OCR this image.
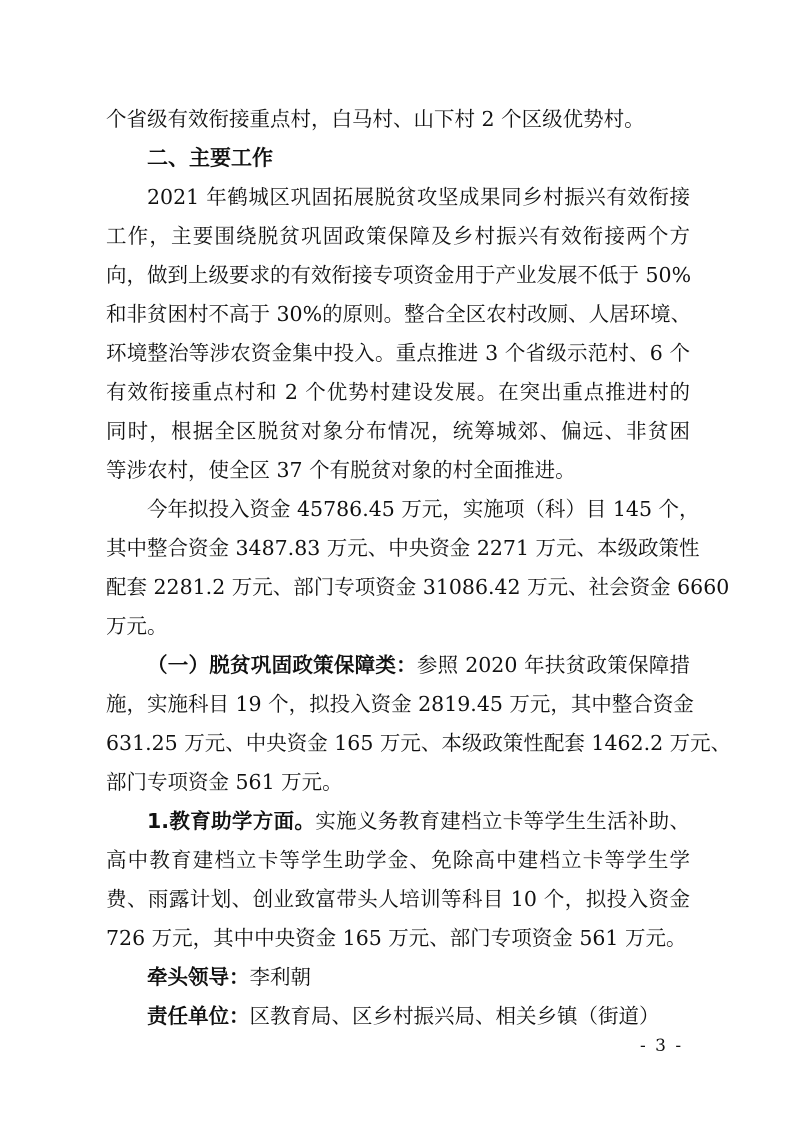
个省级有效衔接重点村，白马村、山下村 2 个区级优势村。
二、主要工作
2021 年鹤城区巩固拓展脱贫攻坚成果同乡村振兴有效衔接
工作，主要围绕脱贫巩固政策保障及乡村振兴有效衔接两个方
向，做到上级要求的有效衔接专项资金用于产业发展不低于 50%
和非贫困村不高于 30%的原则。整合全区农村改厕、人居环境、
环境整治等涉农资金集中投入。重点推进 3 个省级示范村、6 个
有效衔接重点村和 2 个优势村建设发展。在突出重点推进村的
同时，根据全区脱贫对象分布情况，统筹城郊、偏远、非贫困
等涉农村，使全区 37 个有脱贫对象的村全面推进。
今年拟投入资金 45786.45 万元，实施项（科）目 145 个，
其中整合资金 3487.83 万元、中央资金 2271 万元、本级政策性
配套 2281.2 万元、部门专项资金 31086.42 万元、社会资金 6660
万元。
（一）脱贫巩固政策保障类：参照 2020 年扶贫政策保障措
施，实施科目 19 个，拟投入资金 2819.45 万元，其中整合资金
631.25 万元、中央资金 165 万元、本级政策性配套 1462.2 万元、
部门专项资金 561 万元。
1.教育助学方面。实施义务教育建档立卡等学生生活补助、
高中教育建档立卡等学生助学金、免除高中建档立卡等学生学
费、雨露计划、创业致富带头人培训等科目 10 个，拟投入资金
726 万元，其中中央资金 165 万元、部门专项资金 561 万元。
牵头领导：李利朝
责任单位：区教育局、区乡村振兴局、相关乡镇（街道）
- 3 -
